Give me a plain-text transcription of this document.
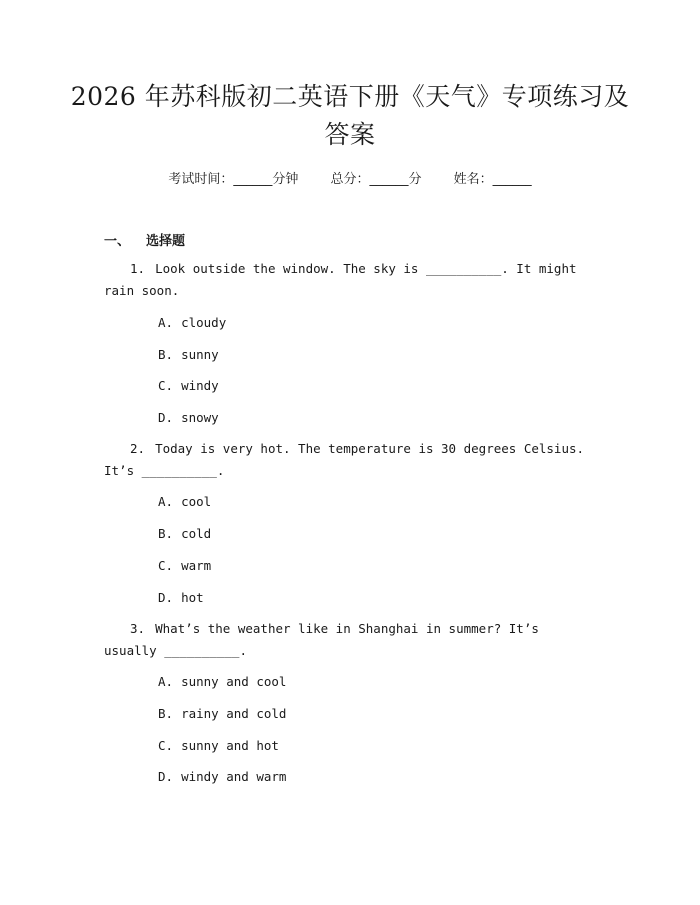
2026 年苏科版初二英语下册《天气》专项练习及答案
考试时间：______分钟 总分：______分 姓名：______
一、 选择题
1. Look outside the window. The sky is __________. It might rain soon.
A. cloudy
B. sunny
C. windy
D. snowy
2. Today is very hot. The temperature is 30 degrees Celsius. It’s __________.
A. cool
B. cold
C. warm
D. hot
3. What’s the weather like in Shanghai in summer? It’s usually __________.
A. sunny and cool
B. rainy and cold
C. sunny and hot
D. windy and warm
